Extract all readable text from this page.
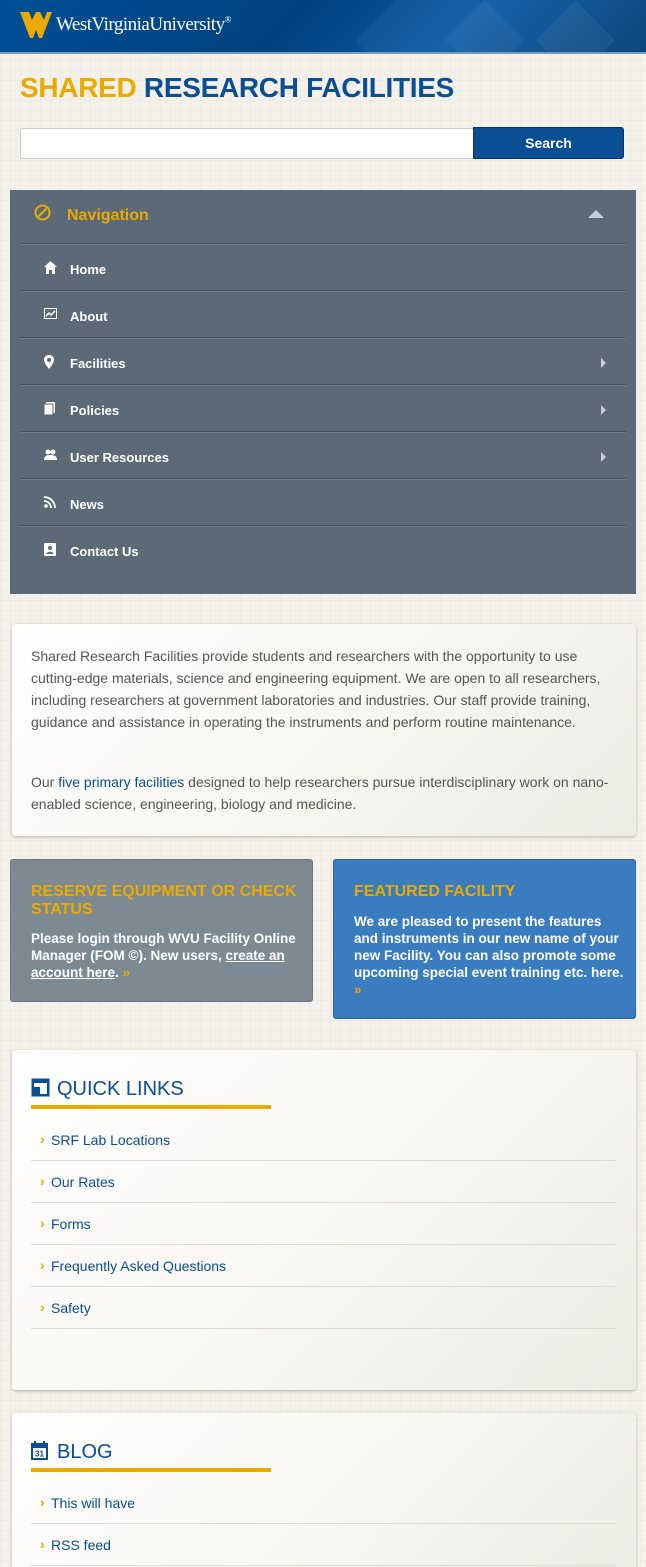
WestVirginiaUniversity®
SHARED RESEARCH FACILITIES
Search
Navigation
Home
About
Facilities
Policies
User Resources
News
Contact Us

Shared Research Facilities provide students and researchers with the opportunity to use cutting-edge materials, science and engineering equipment. We are open to all researchers, including researchers at government laboratories and industries. Our staff provide training, guidance and assistance in operating the instruments and perform routine maintenance.

Our five primary facilities designed to help researchers pursue interdisciplinary work on nano-enabled science, engineering, biology and medicine.

RESERVE EQUIPMENT OR CHECK STATUS
Please login through WVU Facility Online Manager (FOM ©). New users, create an account here. »
FEATURED FACILITY
We are pleased to present the features and instruments in our new name of your new Facility. You can also promote some upcoming special event training etc. here. »
QUICK LINKS
› SRF Lab Locations
› Our Rates
› Forms
› Frequently Asked Questions
› Safety
31 BLOG
› This will have
› RSS feed
